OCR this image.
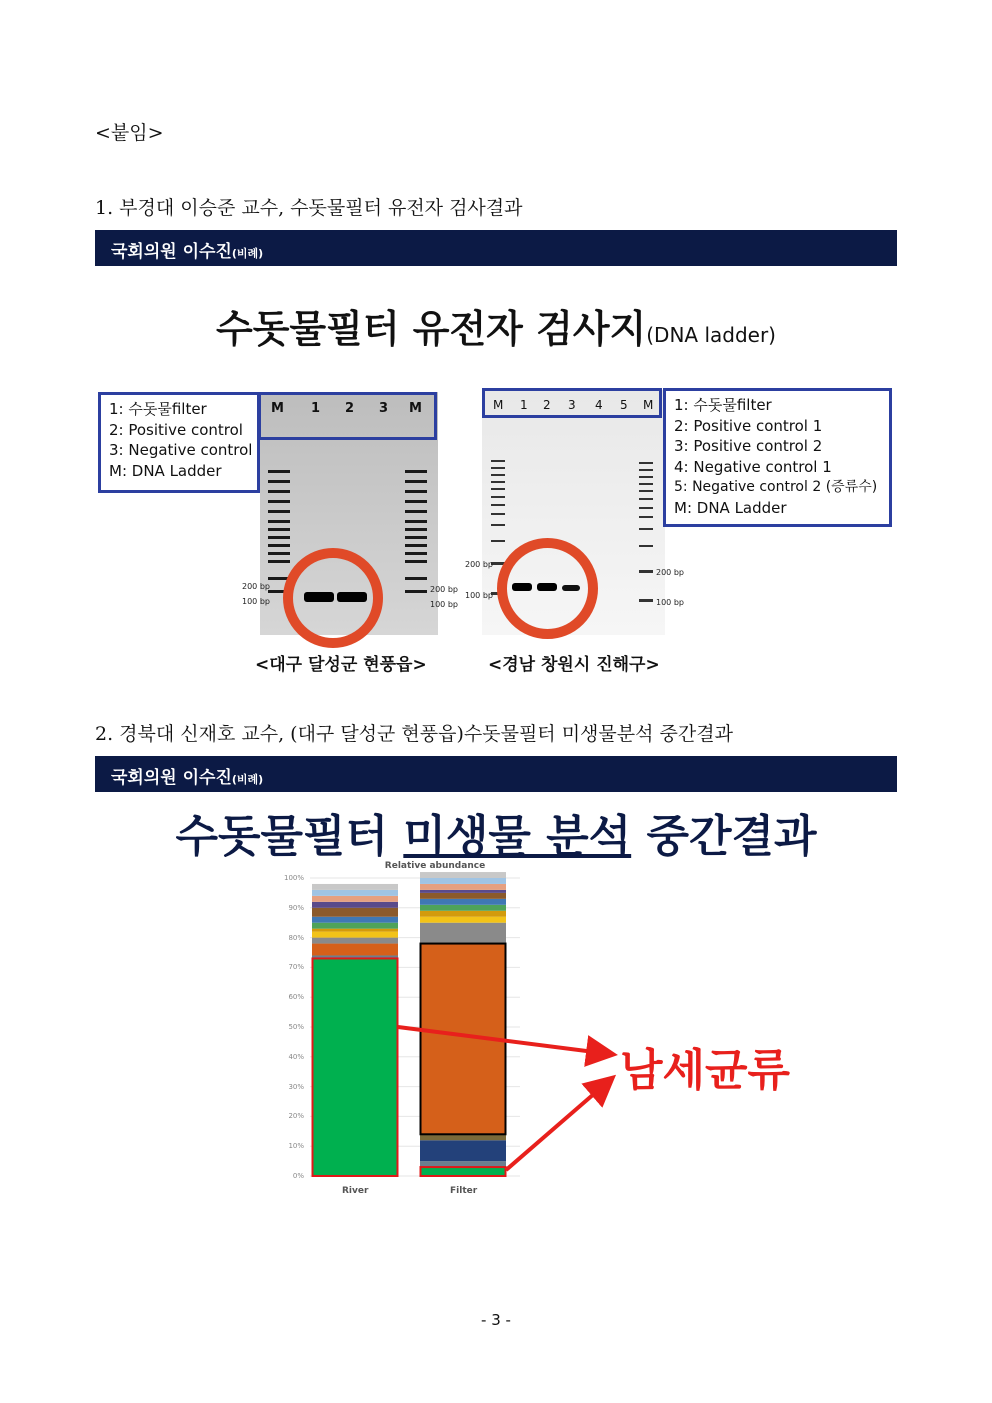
<붙임>
1. 부경대 이승준 교수, 수돗물필터 유전자 검사결과
국회의원 이수진(비례)
수돗물필터 유전자 검사지(DNA ladder)
M 1 2 3 M
1: 수돗물filter
2: Positive control
3: Negative control
M: DNA Ladder
200 bp
100 bp
200 bp
100 bp
<대구 달성군 현풍읍>
M 1 2 3 4 5 M 1: 수돗물filter
2: Positive control 1
3: Positive control 2
4: Negative control 1
5: Negative control 2 (증류수)
M: DNA Ladder
200 bp
100 bp
200 bp
100 bp
<경남 창원시 진해구>
2. 경북대 신재호 교수, (대구 달성군 현풍읍)수돗물필터 미생물분석 중간결과
국회의원 이수진(비례)
수돗물필터 미생물 분석 중간결과
Relative abundance
0%
10%
20%
30%
40%
50%
60%
70%
80%
90%
100%
River	Filter
남세균류
- 3 -
